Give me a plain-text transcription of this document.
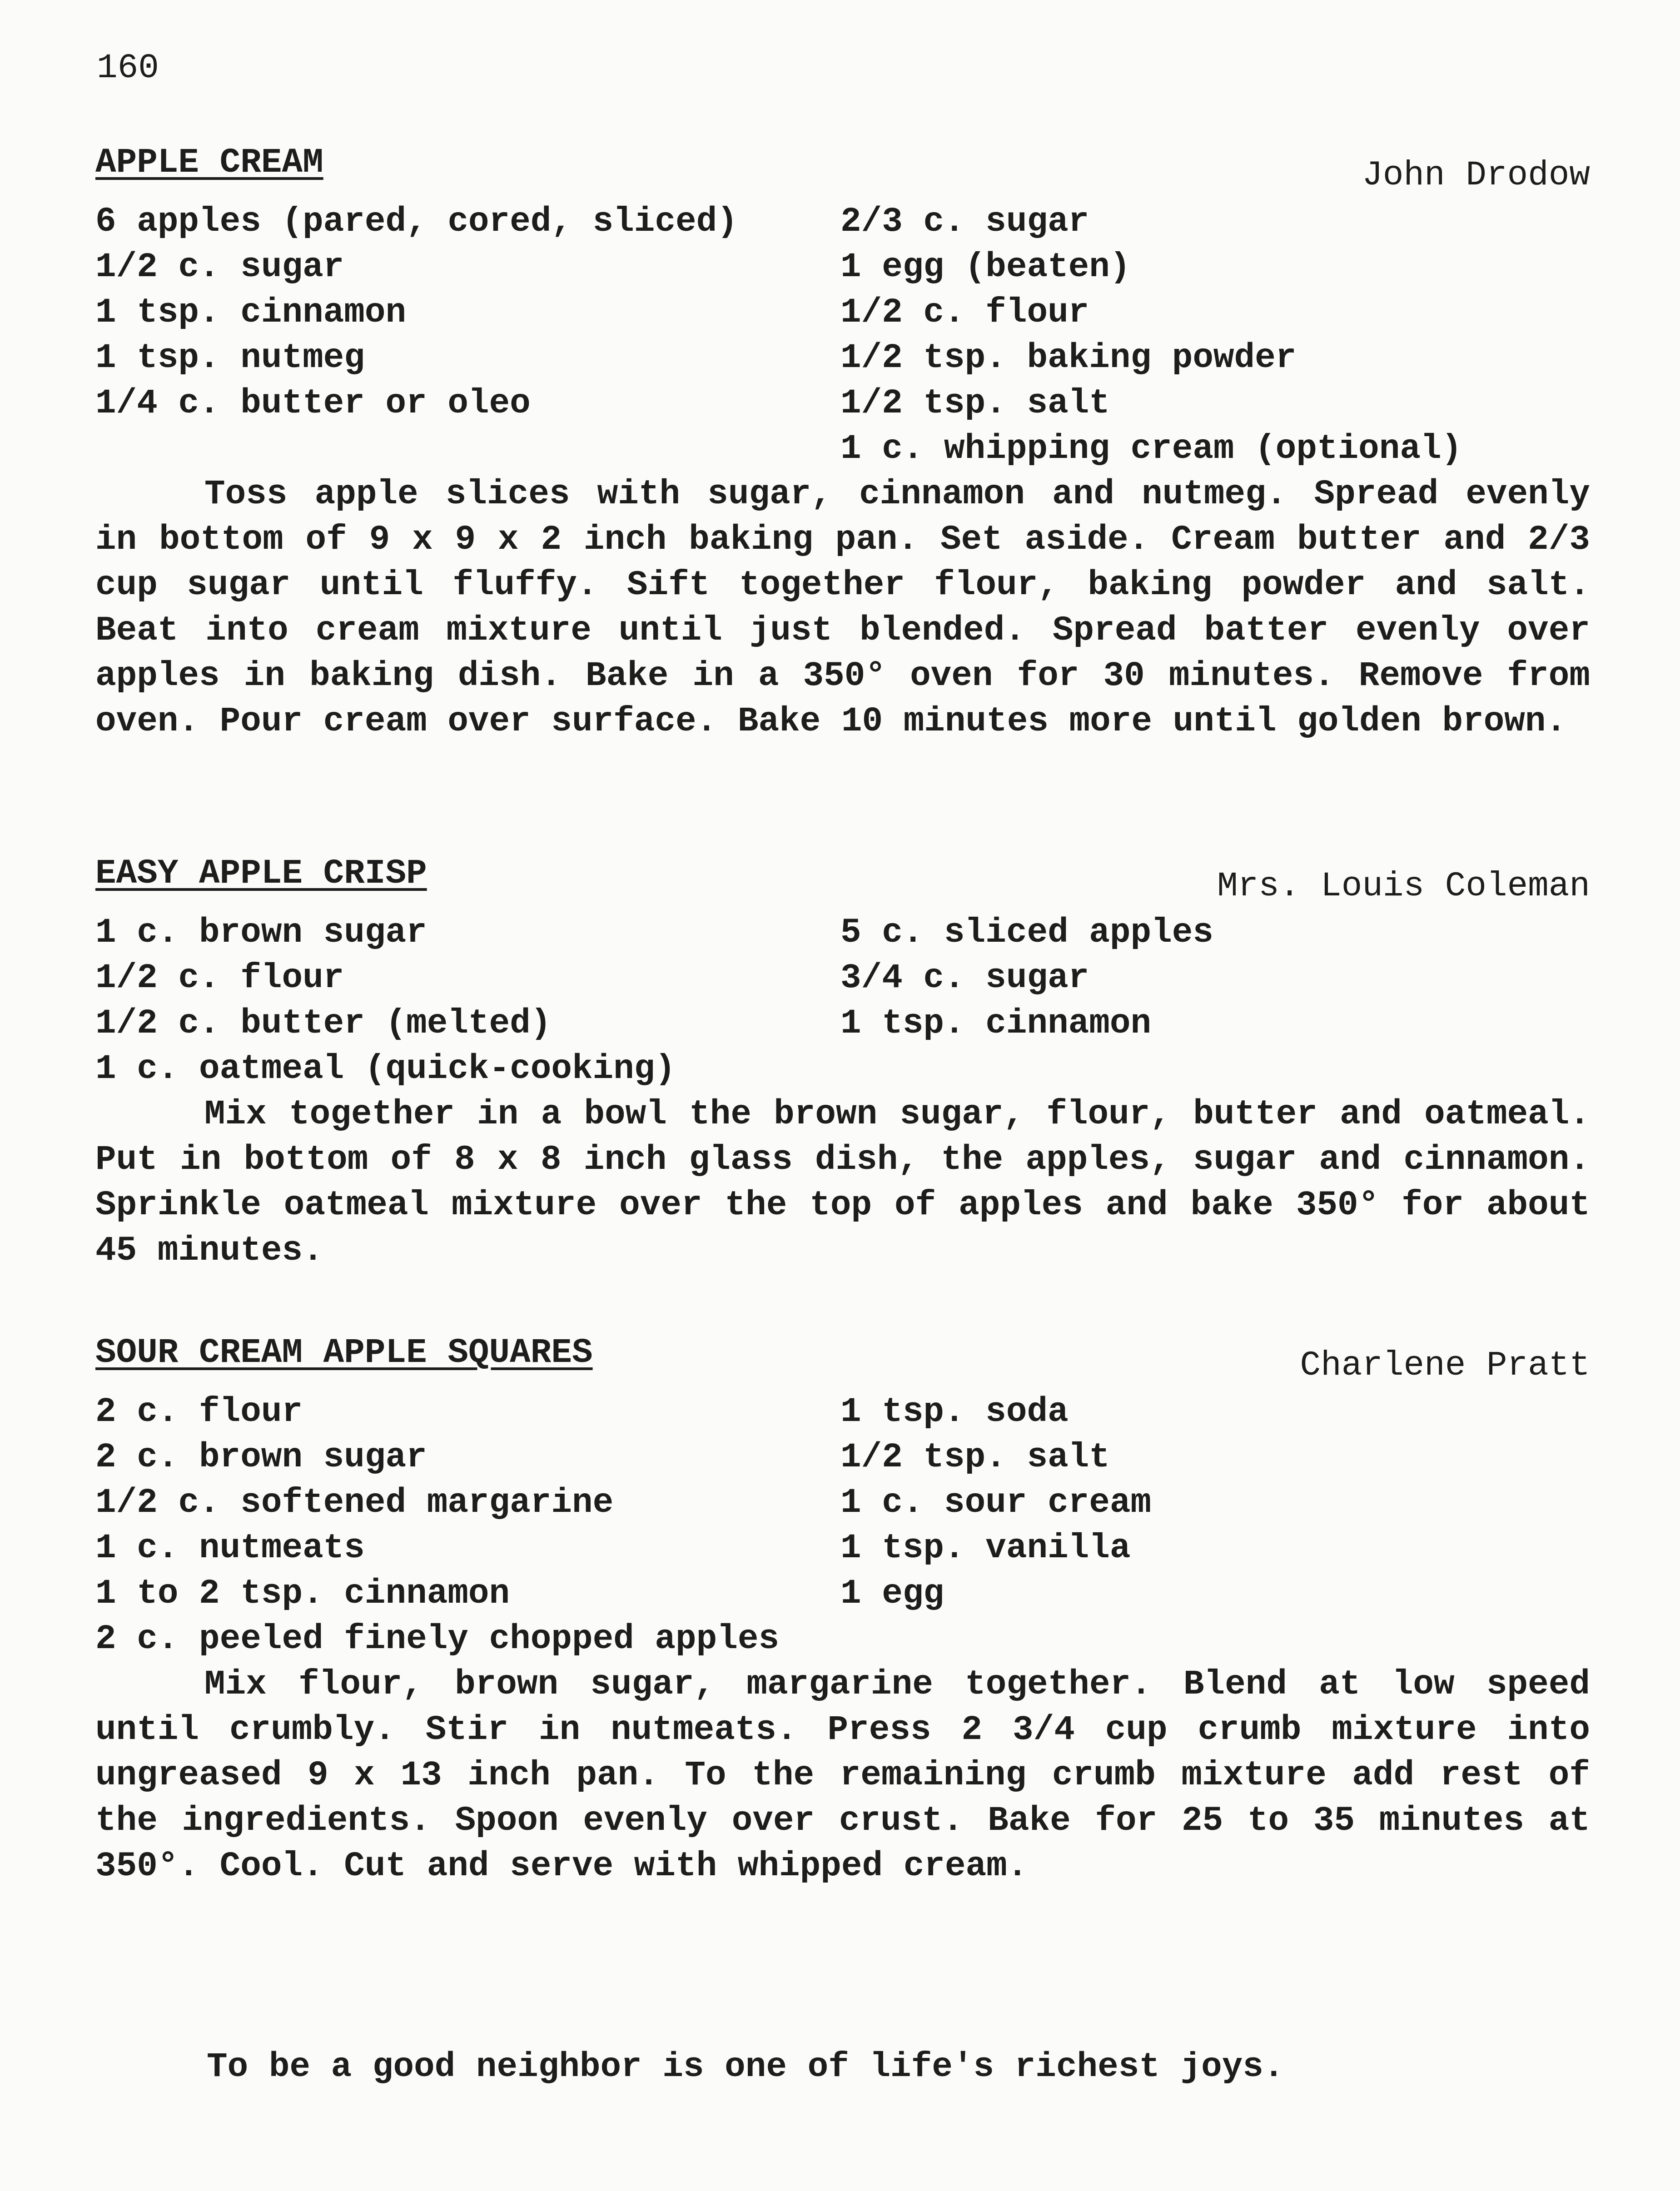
160
APPLE CREAM	John Drodow
6 apples (pared, cored, sliced)
1/2 c. sugar
1 tsp. cinnamon
1 tsp. nutmeg
1/4 c. butter or oleo
2/3 c. sugar
1 egg (beaten)
1/2 c. flour
1/2 tsp. baking powder
1/2 tsp. salt
1 c. whipping cream (optional)

Toss apple slices with sugar, cinnamon and nutmeg. Spread evenly in bottom of 9 x 9 x 2 inch baking pan. Set aside. Cream butter and 2/3 cup sugar until fluffy. Sift together flour, baking powder and salt. Beat into cream mixture until just blended. Spread batter evenly over apples in baking dish. Bake in a 350° oven for 30 minutes. Remove from oven. Pour cream over surface. Bake 10 minutes more until golden brown.

EASY APPLE CRISP	Mrs. Louis Coleman
1 c. brown sugar
1/2 c. flour
1/2 c. butter (melted)
1 c. oatmeal (quick-cooking)
5 c. sliced apples
3/4 c. sugar
1 tsp. cinnamon

Mix together in a bowl the brown sugar, flour, butter and oatmeal. Put in bottom of 8 x 8 inch glass dish, the apples, sugar and cinnamon. Sprinkle oatmeal mixture over the top of apples and bake 350° for about 45 minutes.

SOUR CREAM APPLE SQUARES	Charlene Pratt
2 c. flour
2 c. brown sugar
1/2 c. softened margarine
1 c. nutmeats
1 to 2 tsp. cinnamon
2 c. peeled finely chopped apples
1 tsp. soda
1/2 tsp. salt
1 c. sour cream
1 tsp. vanilla
1 egg

Mix flour, brown sugar, margarine together. Blend at low speed until crumbly. Stir in nutmeats. Press 2 3/4 cup crumb mixture into ungreased 9 x 13 inch pan. To the remaining crumb mixture add rest of the ingredients. Spoon evenly over crust. Bake for 25 to 35 minutes at 350°. Cool. Cut and serve with whipped cream.

To be a good neighbor is one of life's richest joys.
